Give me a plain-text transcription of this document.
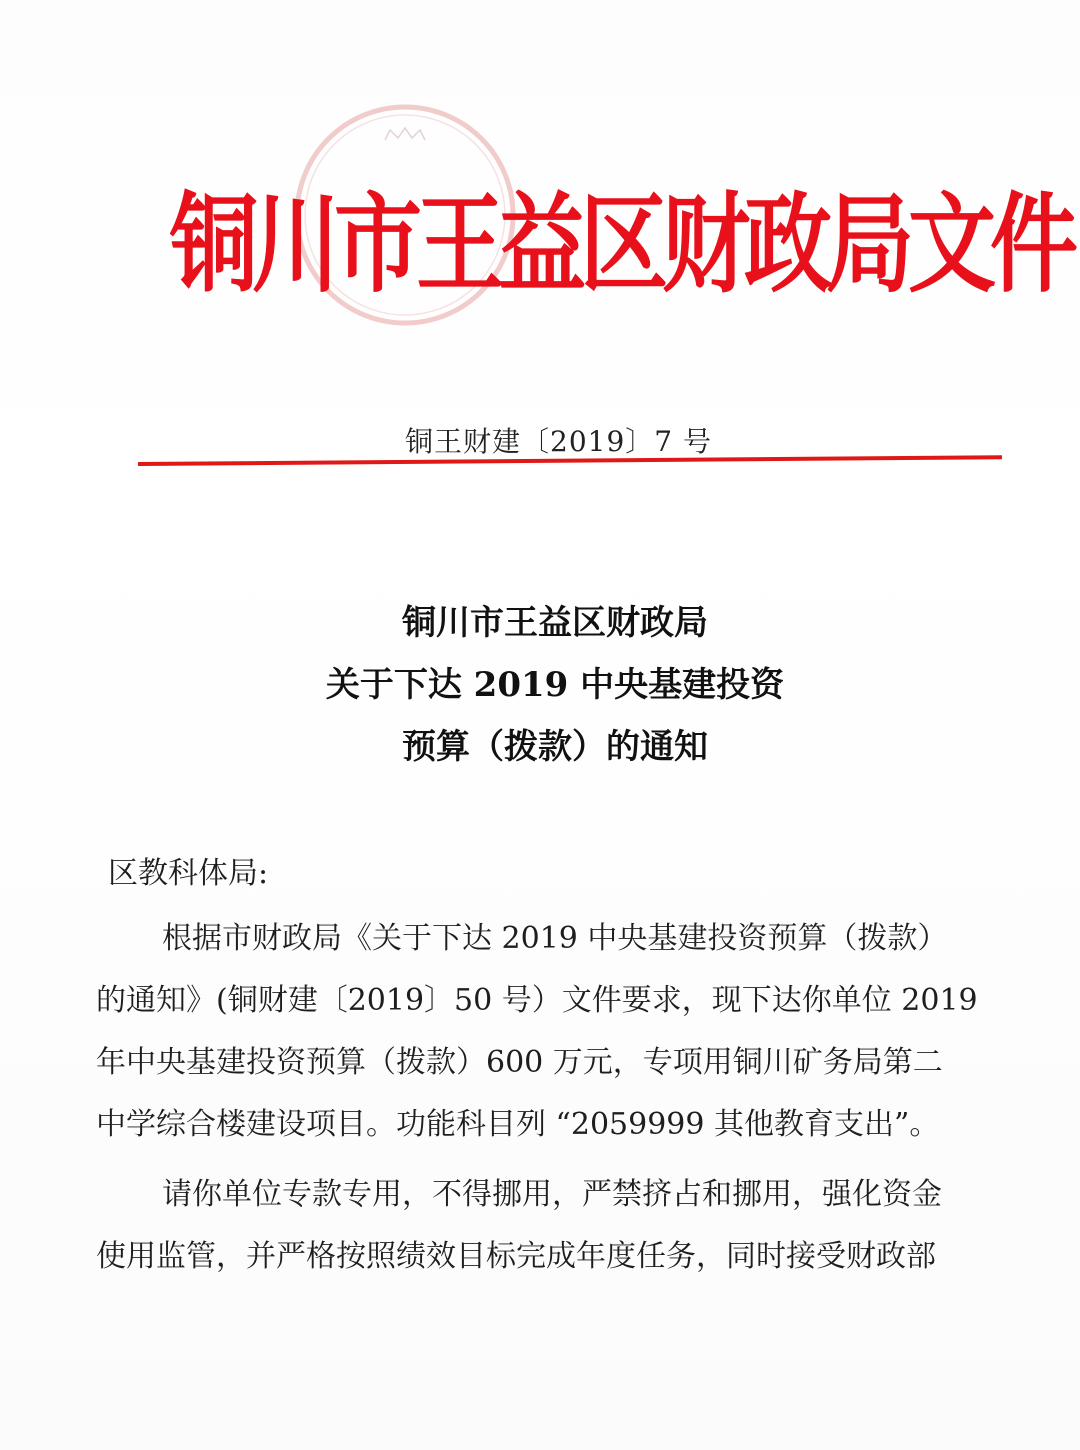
铜川市王益区财政局文件
铜王财建〔2019〕7 号
铜川市王益区财政局
关于下达 2019 中央基建投资
预算（拨款）的通知
区教科体局:
根据市财政局《关于下达 2019 中央基建投资预算（拨款）
的通知》(铜财建〔2019〕50 号）文件要求，现下达你单位 2019
年中央基建投资预算（拨款）600 万元，专项用铜川矿务局第二
中学综合楼建设项目。功能科目列 “2059999 其他教育支出”。
请你单位专款专用，不得挪用，严禁挤占和挪用，强化资金
使用监管，并严格按照绩效目标完成年度任务，同时接受财政部
